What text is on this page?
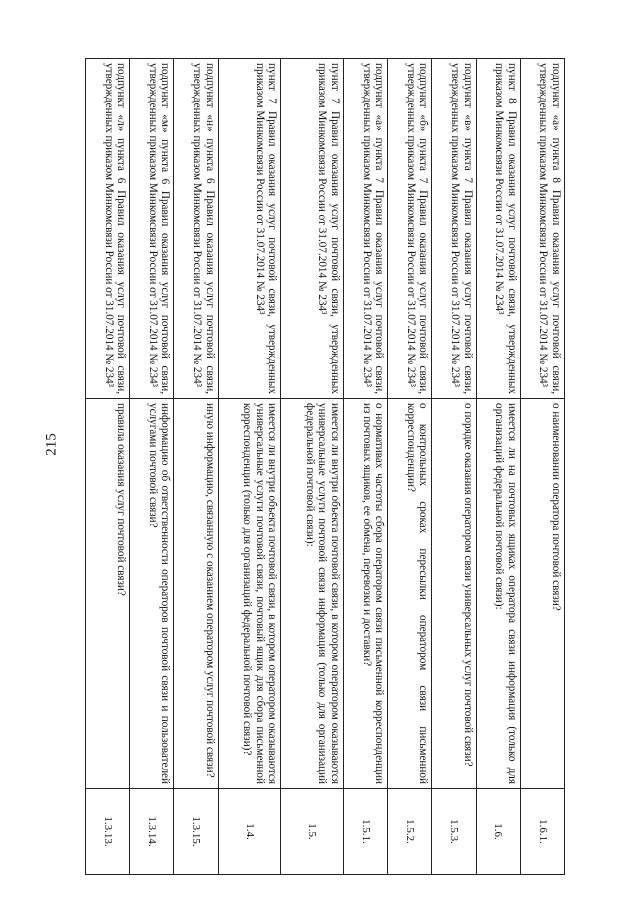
215
подпункт «а» пункта 8 Правил оказания услуг почтовой связи, утвержденных приказом Минкомсвязи России от 31.07.2014 № 234³	о наименовании оператора почтовой связи?	1.6.1.
пункт 8 Правил оказания услуг почтовой связи, утвержденных приказом Минкомсвязи России от 31.07.2014 № 234³	имеется ли на почтовых ящиках оператора связи информация (только для организаций федеральной почтовой связи):	1.6.
подпункт «в» пункта 7 Правил оказания услуг почтовой связи, утвержденных приказом Минкомсвязи России от 31.07.2014 № 234³	о порядке оказания оператором связи универсальных услуг почтовой связи?	1.5.3.
подпункт «б» пункта 7 Правил оказания услуг почтовой связи, утвержденных приказом Минкомсвязи России от 31.07.2014 № 234³	о контрольных сроках пересылки оператором связи письменной корреспонденции?	1.5.2.
подпункт «а» пункта 7 Правил оказания услуг почтовой связи, утвержденных приказом Минкомсвязи России от 31.07.2014 № 234³	о нормативах частоты сбора оператором связи письменной корреспонденции из почтовых ящиков, ее обмена, перевозки и доставки?	1.5.1.
пункт 7 Правил оказания услуг почтовой связи, утвержденных приказом Минкомсвязи России от 31.07.2014 № 234³	имеется ли внутри объекта почтовой связи, в котором оператором оказываются универсальные услуги почтовой связи информация (только для организаций федеральной почтовой связи):	1.5.
пункт 7 Правил оказания услуг почтовой связи, утвержденных приказом Минкомсвязи России от 31.07.2014 № 234³	имеется ли внутри объекта почтовой связи, в котором оператором оказываются универсальные услуги почтовой связи, почтовый ящик для сбора письменной корреспонденции (только для организаций федеральной почтовой связи)?	1.4.
подпункт «н» пункта 6 Правил оказания услуг почтовой связи, утвержденных приказом Минкомсвязи России от 31.07.2014 № 234³	иную информацию, связанную с оказанием оператором услуг почтовой связи?	1.3.15.
подпункт «м» пункта 6 Правил оказания услуг почтовой связи, утвержденных приказом Минкомсвязи России от 31.07.2014 № 234³	информацию об ответственности операторов почтовой связи и пользователей услугами почтовой связи?	1.3.14.
подпункт «л» пункта 6 Правил оказания услуг почтовой связи, утвержденных приказом Минкомсвязи России от 31.07.2014 № 234³	правила оказания услуг почтовой связи?	1.3.13.
